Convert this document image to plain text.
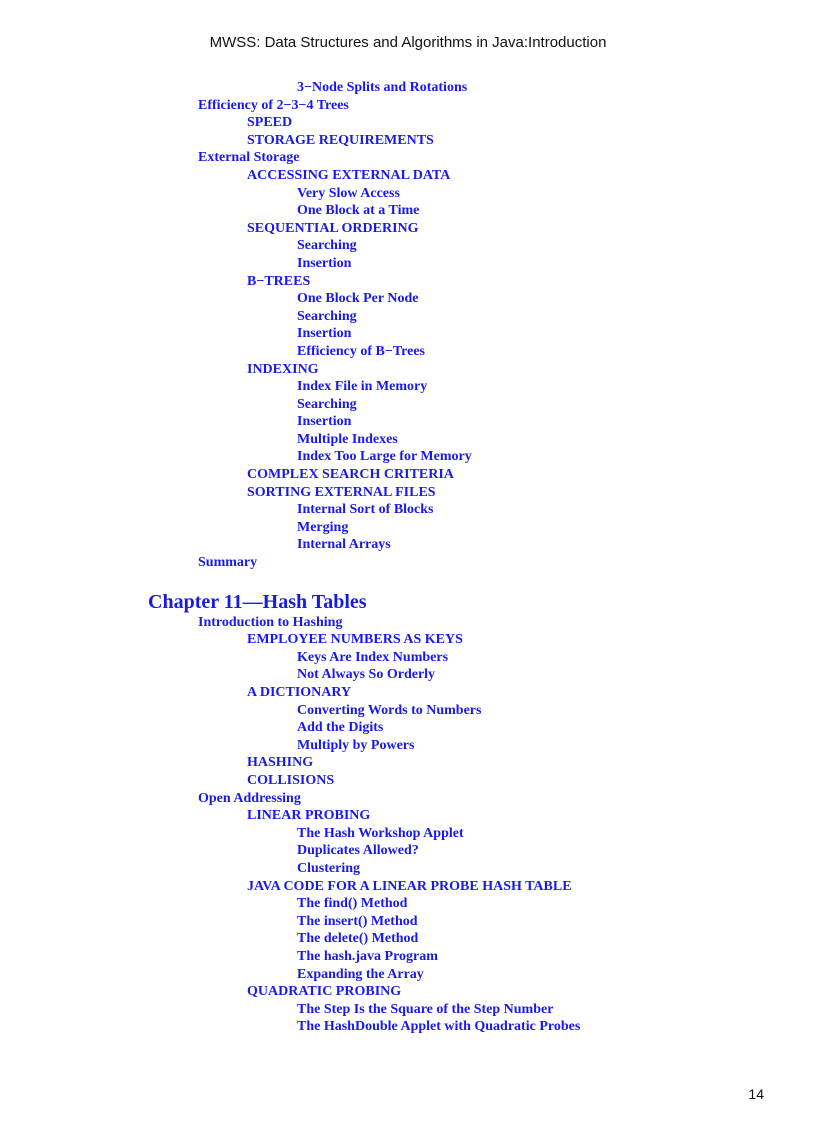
MWSS: Data Structures and Algorithms in Java:Introduction
3−Node Splits and Rotations
Efficiency of 2−3−4 Trees
SPEED
STORAGE REQUIREMENTS
External Storage
ACCESSING EXTERNAL DATA
Very Slow Access
One Block at a Time
SEQUENTIAL ORDERING
Searching
Insertion
B−TREES
One Block Per Node
Searching
Insertion
Efficiency of B−Trees
INDEXING
Index File in Memory
Searching
Insertion
Multiple Indexes
Index Too Large for Memory
COMPLEX SEARCH CRITERIA
SORTING EXTERNAL FILES
Internal Sort of Blocks
Merging
Internal Arrays
Summary
Chapter 11—Hash Tables
Introduction to Hashing
EMPLOYEE NUMBERS AS KEYS
Keys Are Index Numbers
Not Always So Orderly
A DICTIONARY
Converting Words to Numbers
Add the Digits
Multiply by Powers
HASHING
COLLISIONS
Open Addressing
LINEAR PROBING
The Hash Workshop Applet
Duplicates Allowed?
Clustering
JAVA CODE FOR A LINEAR PROBE HASH TABLE
The find() Method
The insert() Method
The delete() Method
The hash.java Program
Expanding the Array
QUADRATIC PROBING
The Step Is the Square of the Step Number
The HashDouble Applet with Quadratic Probes
14
